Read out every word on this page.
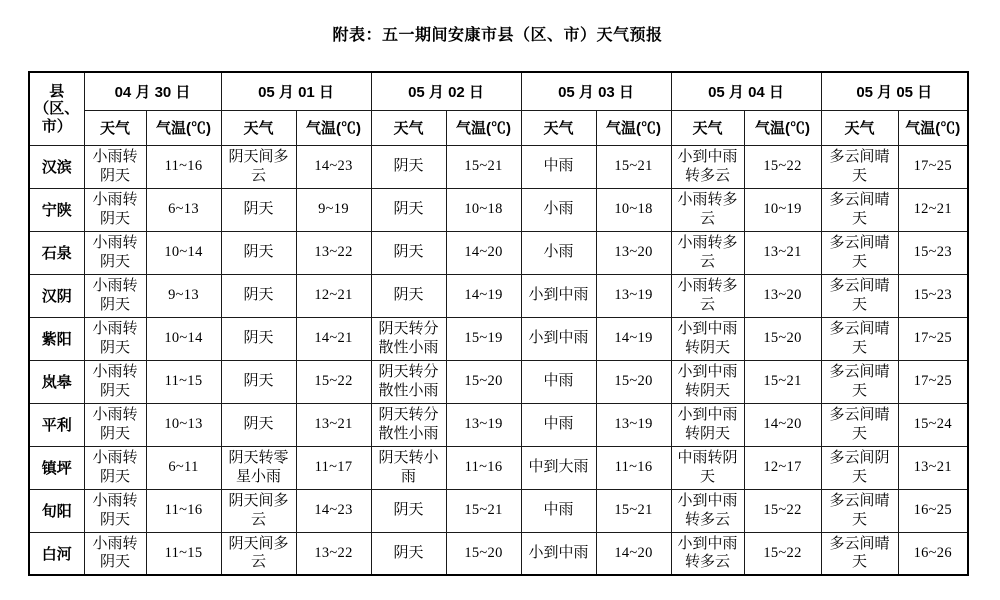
附表：五一期间安康市县（区、市）天气预报
县
（区、
市）	04 月 30 日		05 月 01 日		05 月 02 日		05 月 03 日		05 月 04 日		05 月 05 日	
	天气	气温(℃)	天气	气温(℃)	天气	气温(℃)	天气	气温(℃)	天气	气温(℃)	天气	气温(℃)
汉滨	小雨转阴天	11~16	阴天间多云	14~23	阴天	15~21	中雨	15~21	小到中雨转多云	15~22	多云间晴天	17~25
宁陕	小雨转阴天	6~13	阴天	9~19	阴天	10~18	小雨	10~18	小雨转多云	10~19	多云间晴天	12~21
石泉	小雨转阴天	10~14	阴天	13~22	阴天	14~20	小雨	13~20	小雨转多云	13~21	多云间晴天	15~23
汉阴	小雨转阴天	9~13	阴天	12~21	阴天	14~19	小到中雨	13~19	小雨转多云	13~20	多云间晴天	15~23
紫阳	小雨转阴天	10~14	阴天	14~21	阴天转分散性小雨	15~19	小到中雨	14~19	小到中雨转阴天	15~20	多云间晴天	17~25
岚皋	小雨转阴天	11~15	阴天	15~22	阴天转分散性小雨	15~20	中雨	15~20	小到中雨转阴天	15~21	多云间晴天	17~25
平利	小雨转阴天	10~13	阴天	13~21	阴天转分散性小雨	13~19	中雨	13~19	小到中雨转阴天	14~20	多云间晴天	15~24
镇坪	小雨转阴天	6~11	阴天转零星小雨	11~17	阴天转小雨	11~16	中到大雨	11~16	中雨转阴天	12~17	多云间阴天	13~21
旬阳	小雨转阴天	11~16	阴天间多云	14~23	阴天	15~21	中雨	15~21	小到中雨转多云	15~22	多云间晴天	16~25
白河	小雨转阴天	11~15	阴天间多云	13~22	阴天	15~20	小到中雨	14~20	小到中雨转多云	15~22	多云间晴天	16~26
